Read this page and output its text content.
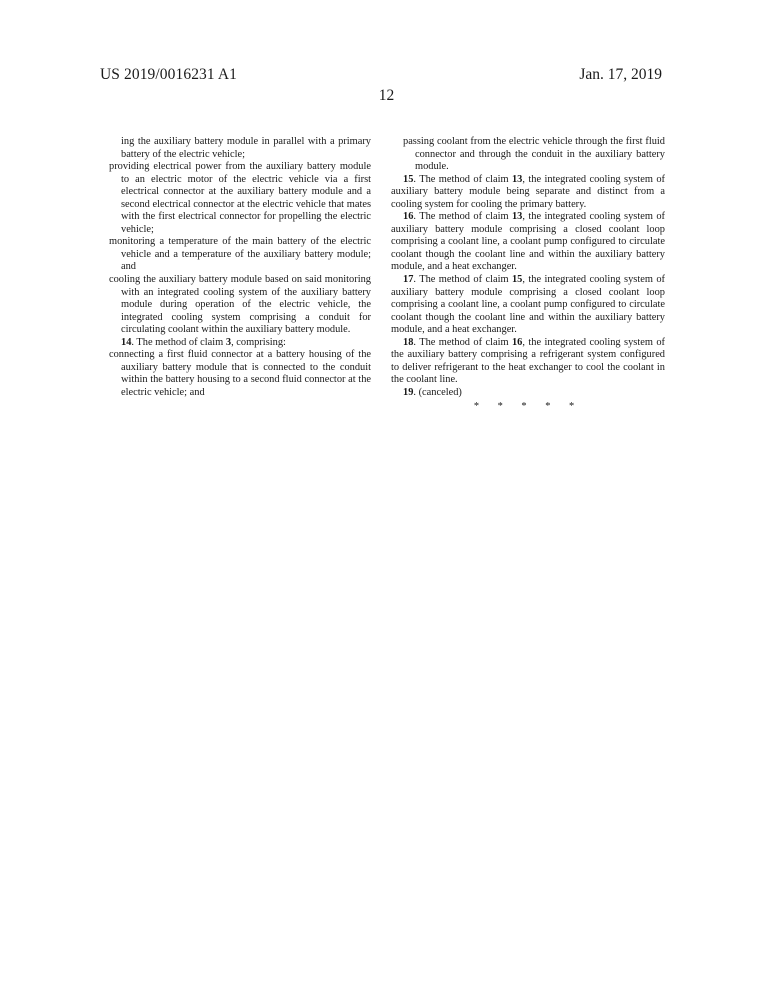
US 2019/0016231 A1	Jan. 17, 2019
12

ing the auxiliary battery module in parallel with a primary battery of the electric vehicle;

providing electrical power from the auxiliary battery module to an electric motor of the electric vehicle via a first electrical connector at the auxiliary battery module and a second electrical connector at the electric vehicle that mates with the first electrical connector for propelling the electric vehicle;

monitoring a temperature of the main battery of the electric vehicle and a temperature of the auxiliary battery module; and

cooling the auxiliary battery module based on said monitoring with an integrated cooling system of the auxiliary battery module during operation of the electric vehicle, the integrated cooling system comprising a conduit for circulating coolant within the auxiliary battery module.

14. The method of claim 3, comprising:

connecting a first fluid connector at a battery housing of the auxiliary battery module that is connected to the conduit within the battery housing to a second fluid connector at the electric vehicle; and

passing coolant from the electric vehicle through the first fluid connector and through the conduit in the auxiliary battery module.

15. The method of claim 13, the integrated cooling system of auxiliary battery module being separate and distinct from a cooling system for cooling the primary battery.

16. The method of claim 13, the integrated cooling system of auxiliary battery module comprising a closed coolant loop comprising a coolant line, a coolant pump configured to circulate coolant though the coolant line and within the auxiliary battery module, and a heat exchanger.

17. The method of claim 15, the integrated cooling system of auxiliary battery module comprising a closed coolant loop comprising a coolant line, a coolant pump configured to circulate coolant though the coolant line and within the auxiliary battery module, and a heat exchanger.

18. The method of claim 16, the integrated cooling system of the auxiliary battery comprising a refrigerant system configured to deliver refrigerant to the heat exchanger to cool the coolant in the coolant line.

19. (canceled)

* * * * *
